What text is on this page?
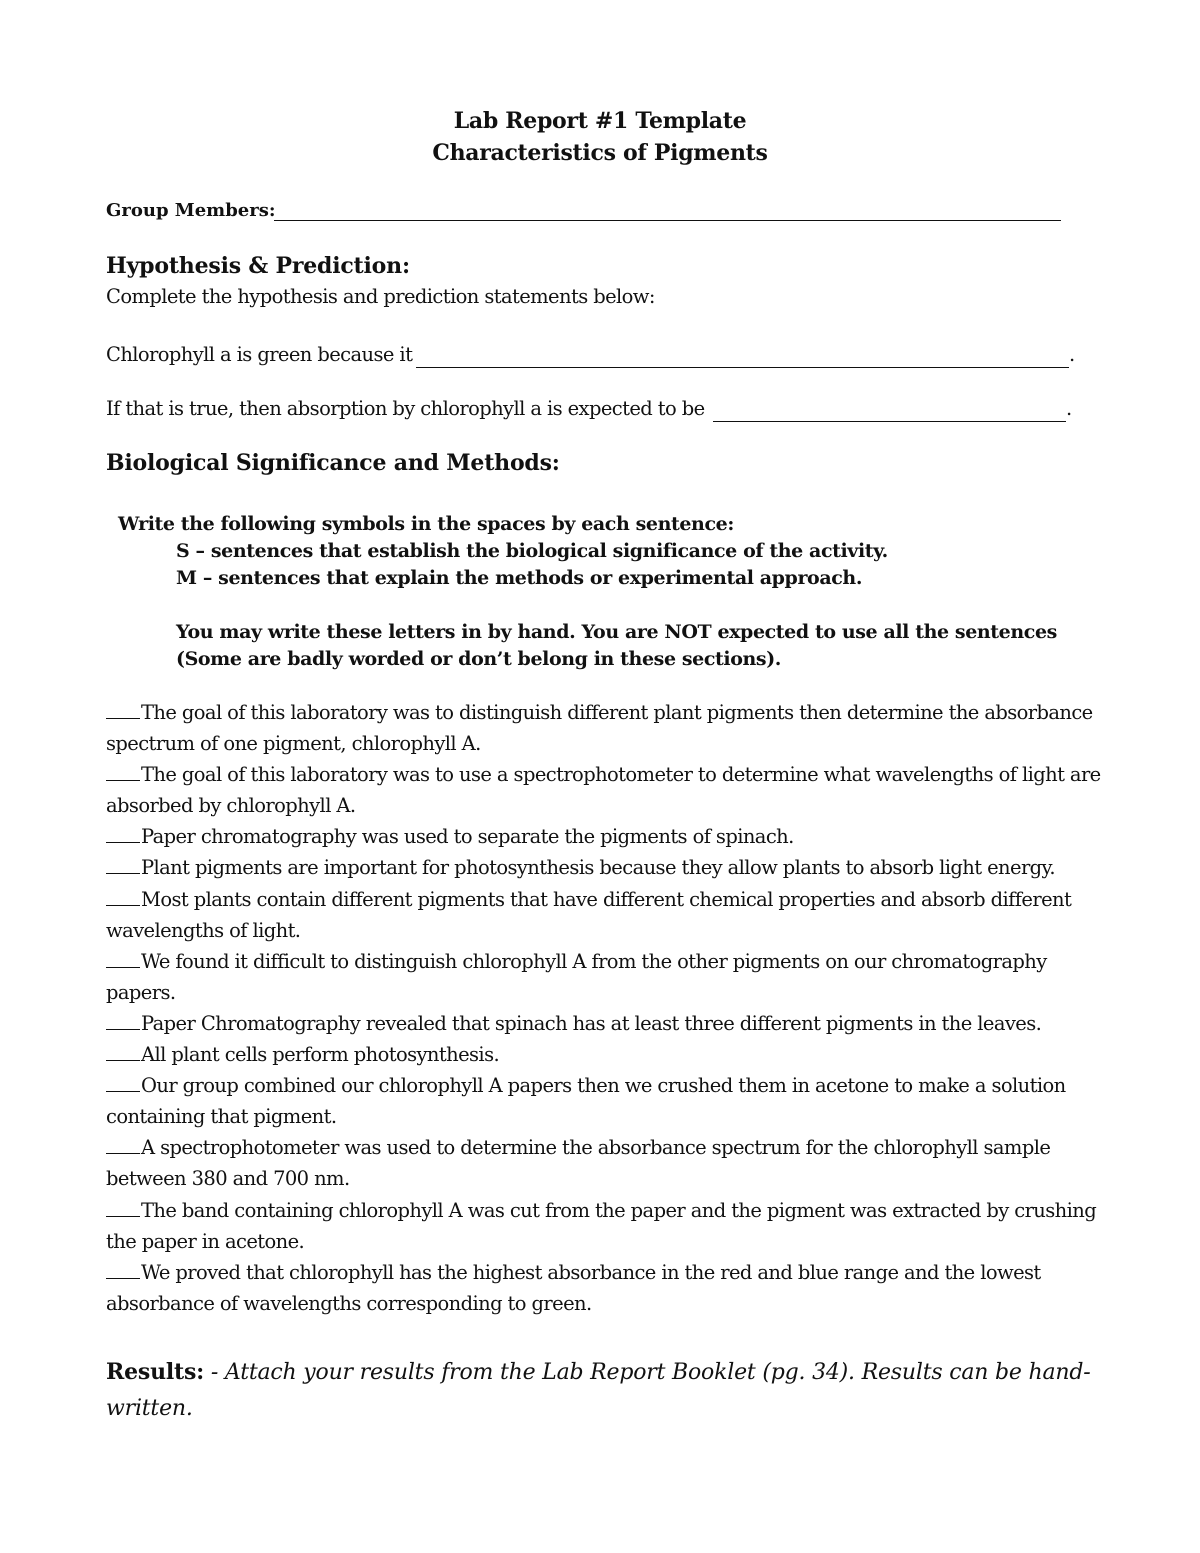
Lab Report #1 Template
Characteristics of Pigments
Group Members:
Hypothesis & Prediction:
Complete the hypothesis and prediction statements below:
Chlorophyll a is green because it	.
If that is true, then absorption by chlorophyll a is expected to be	.
Biological Significance and Methods:
Write the following symbols in the spaces by each sentence:
S – sentences that establish the biological significance of the activity.
M – sentences that explain the methods or experimental approach.
You may write these letters in by hand. You are NOT expected to use all the sentences
(Some are badly worded or don’t belong in these sections).
The goal of this laboratory was to distinguish different plant pigments then determine the absorbance spectrum of one pigment, chlorophyll A.
The goal of this laboratory was to use a spectrophotometer to determine what wavelengths of light are absorbed by chlorophyll A.
Paper chromatography was used to separate the pigments of spinach.
Plant pigments are important for photosynthesis because they allow plants to absorb light energy.
Most plants contain different pigments that have different chemical properties and absorb different wavelengths of light.
We found it difficult to distinguish chlorophyll A from the other pigments on our chromatography papers.
Paper Chromatography revealed that spinach has at least three different pigments in the leaves.
All plant cells perform photosynthesis.
Our group combined our chlorophyll A papers then we crushed them in acetone to make a solution containing that pigment.
A spectrophotometer was used to determine the absorbance spectrum for the chlorophyll sample between 380 and 700 nm.
The band containing chlorophyll A was cut from the paper and the pigment was extracted by crushing the paper in acetone.
We proved that chlorophyll has the highest absorbance in the red and blue range and the lowest absorbance of wavelengths corresponding to green.
Results: - Attach your results from the Lab Report Booklet (pg. 34). Results can be hand-written.
